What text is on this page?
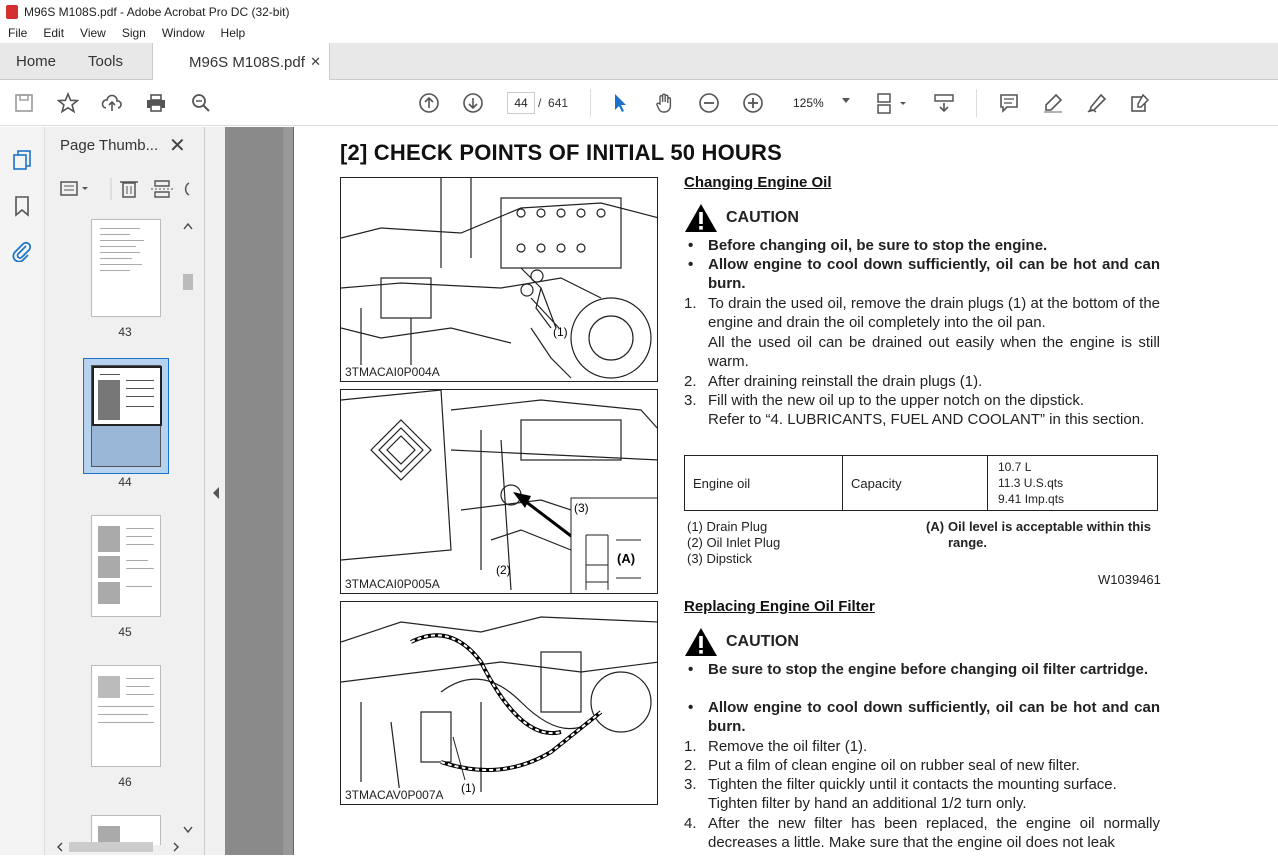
M96S M108S.pdf - Adobe Acrobat Pro DC (32-bit)
File	Edit	View	Sign	Window	Help
Home Tools	M96S M108S.pdf ✕
44 / 641	125%
Page Thumb... ✕
43
44
45
46
[2] CHECK POINTS OF INITIAL 50 HOURS
(1)
3TMACAI0P004A
(3)
(A)
(2)
3TMACAI0P005A
(1)
3TMACAV0P007A
Changing Engine Oil
CAUTION
• Before changing oil, be sure to stop the engine.
• Allow engine to cool down sufficiently, oil can be hot and can burn.
1. To drain the used oil, remove the drain plugs (1) at the bottom of the engine and drain the oil completely into the oil pan.
All the used oil can be drained out easily when the engine is still warm.
2. After draining reinstall the drain plugs (1).
3. Fill with the new oil up to the upper notch on the dipstick.
Refer to “4. LUBRICANTS, FUEL AND COOLANT” in this section.
Engine oil	Capacity	
10.7 L
11.3 U.S.qts
9.41 Imp.qts
(1) Drain Plug
(2) Oil Inlet Plug
(3) Dipstick
(A) Oil level is acceptable within this range.
W1039461
Replacing Engine Oil Filter
CAUTION
• Be sure to stop the engine before changing oil filter cartridge.
• Allow engine to cool down sufficiently, oil can be hot and can burn.
1. Remove the oil filter (1).
2. Put a film of clean engine oil on rubber seal of new filter.
3. Tighten the filter quickly until it contacts the mounting surface.
Tighten filter by hand an additional 1/2 turn only.
4. After the new filter has been replaced, the engine oil normally decreases a little. Make sure that the engine oil does not leak
